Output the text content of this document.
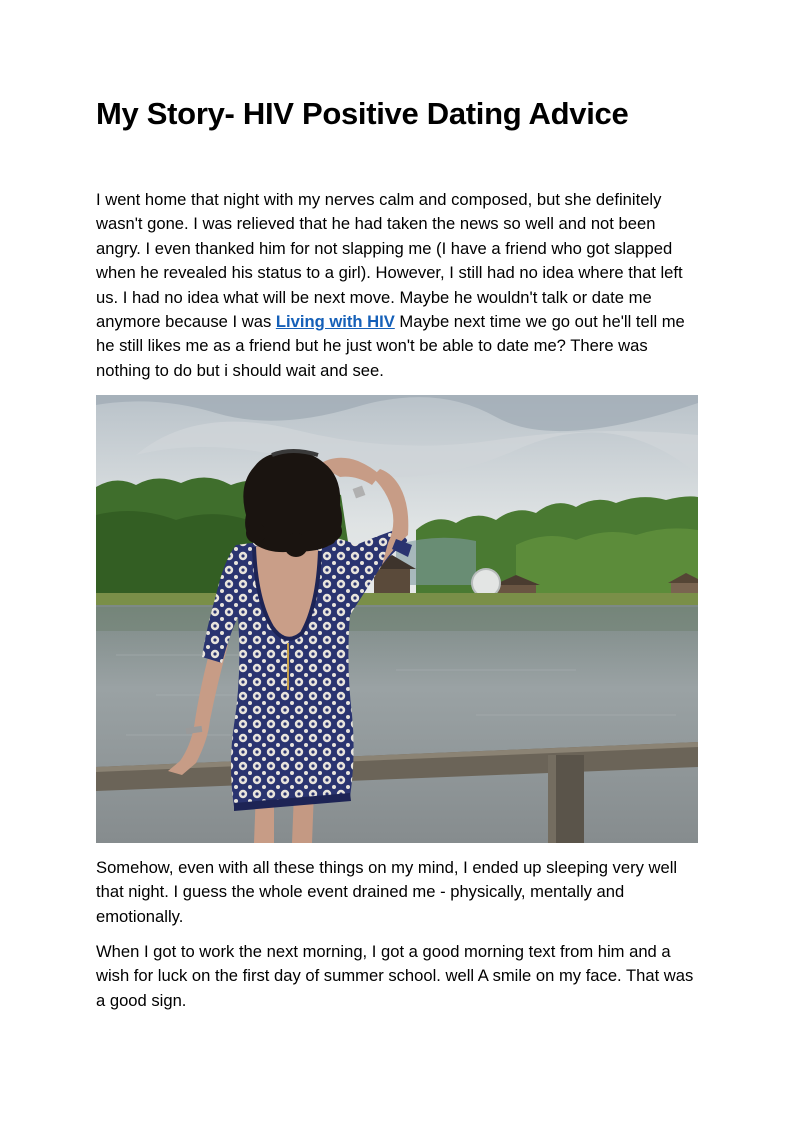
My Story- HIV Positive Dating Advice

I went home that night with my nerves calm and composed, but she definitely wasn't gone. I was relieved that he had taken the news so well and not been angry. I even thanked him for not slapping me (I have a friend who got slapped when he revealed his status to a girl). However, I still had no idea where that left us. I had no idea what will be next move. Maybe he wouldn't talk or date me anymore because I was Living with HIV Maybe next time we go out he'll tell me he still likes me as a friend but he just won't be able to date me? There was nothing to do but i should wait and see.

Somehow, even with all these things on my mind, I ended up sleeping very well that night. I guess the whole event drained me - physically, mentally and emotionally.

When I got to work the next morning, I got a good morning text from him and a wish for luck on the first day of summer school. well A smile on my face. That was a good sign.
